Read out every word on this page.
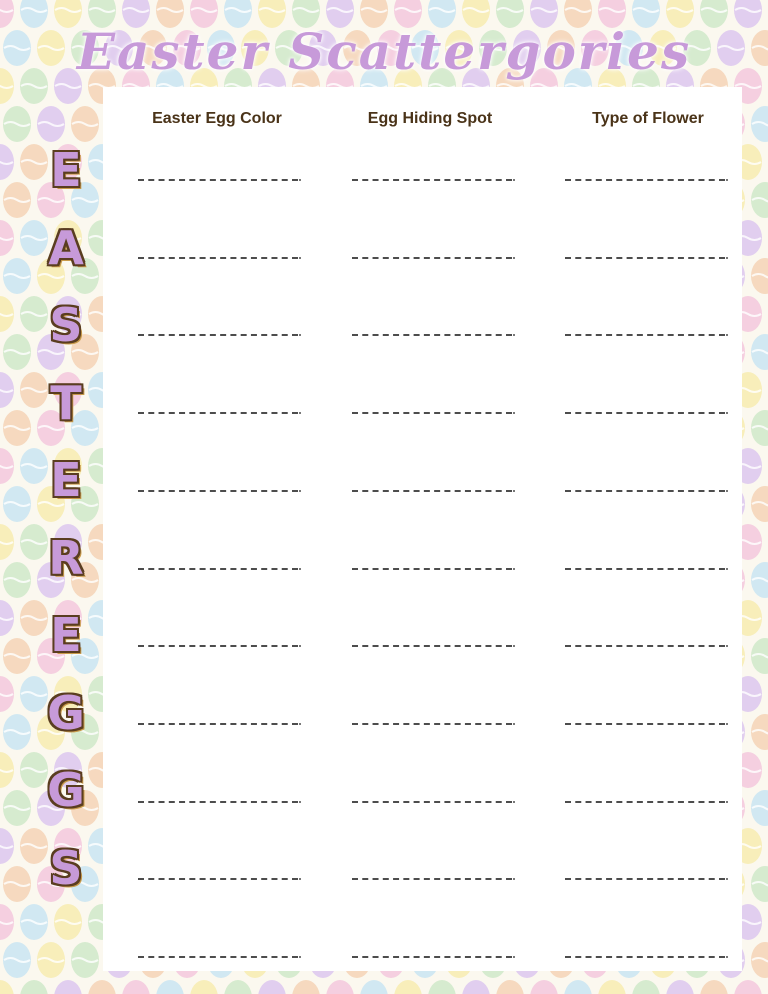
Easter Scattergories
Easter Egg Color	Egg Hiding Spot	Type of Flower
E
A
S
T
E
R
E
G
G
S
